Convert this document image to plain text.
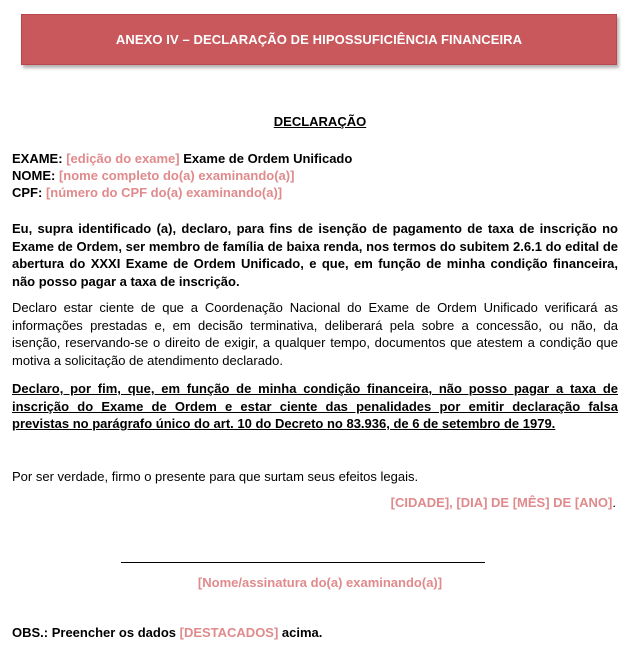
ANEXO IV – DECLARAÇÃO DE HIPOSSUFICIÊNCIA FINANCEIRA
DECLARAÇÃO
EXAME: [edição do exame] Exame de Ordem Unificado
NOME: [nome completo do(a) examinando(a)]
CPF: [número do CPF do(a) examinando(a)]
Eu, supra identificado (a), declaro, para fins de isenção de pagamento de taxa de inscrição no Exame de Ordem, ser membro de família de baixa renda, nos termos do subitem 2.6.1 do edital de abertura do XXXI Exame de Ordem Unificado, e que, em função de minha condição financeira, não posso pagar a taxa de inscrição.
Declaro estar ciente de que a Coordenação Nacional do Exame de Ordem Unificado verificará as informações prestadas e, em decisão terminativa, deliberará pela sobre a concessão, ou não, da isenção, reservando-se o direito de exigir, a qualquer tempo, documentos que atestem a condição que motiva a solicitação de atendimento declarado.
Declaro, por fim, que, em função de minha condição financeira, não posso pagar a taxa de inscrição do Exame de Ordem e estar ciente das penalidades por emitir declaração falsa previstas no parágrafo único do art. 10 do Decreto no 83.936, de 6 de setembro de 1979.
Por ser verdade, firmo o presente para que surtam seus efeitos legais.
[CIDADE], [DIA] DE [MÊS] DE [ANO].
[Nome/assinatura do(a) examinando(a)]
OBS.: Preencher os dados [DESTACADOS] acima.
